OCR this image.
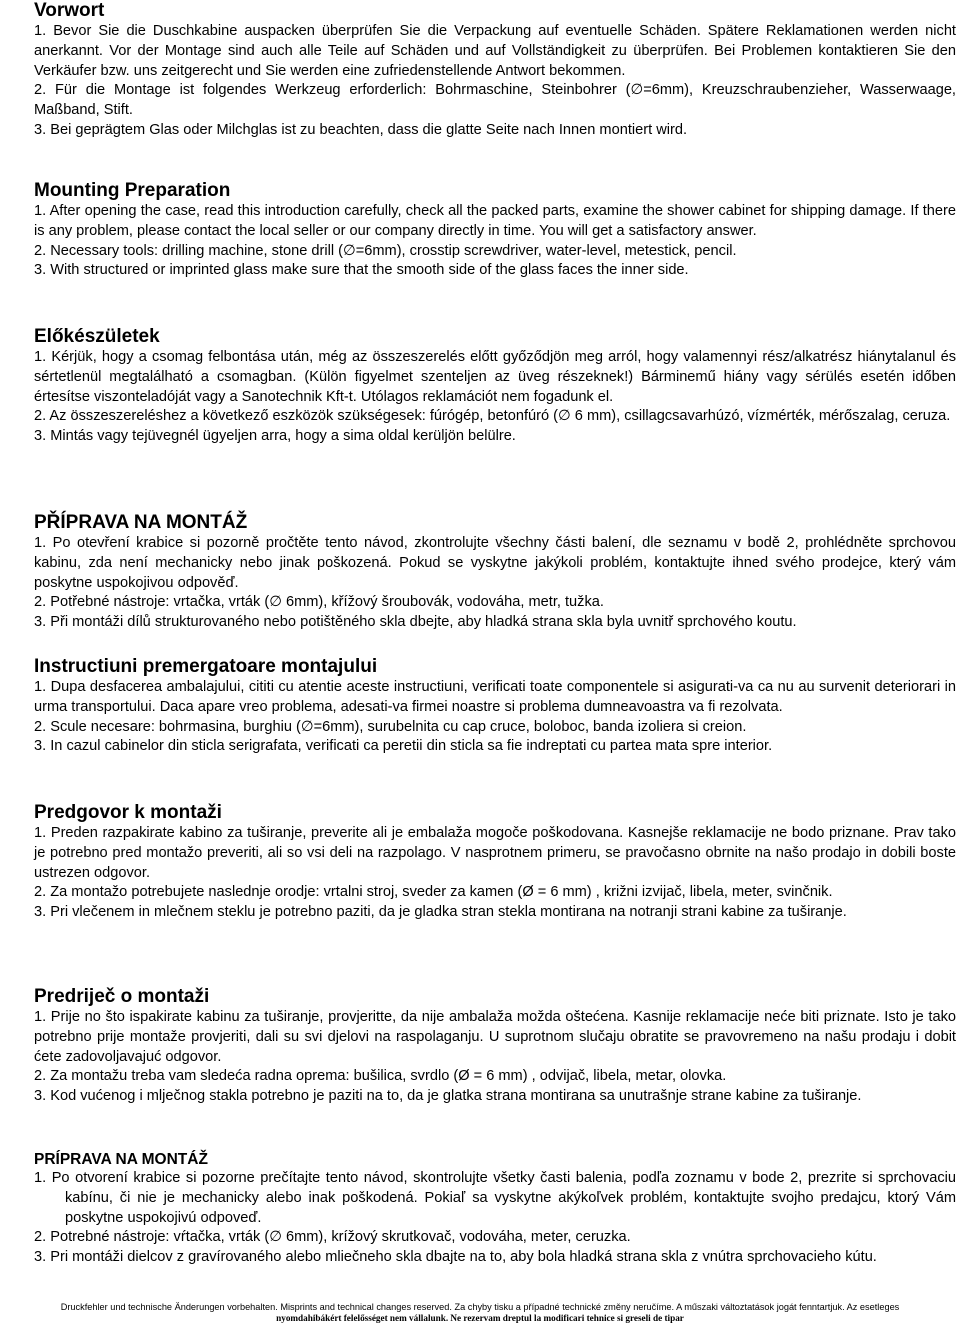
Vorwort

1. Bevor Sie die Duschkabine auspacken überprüfen Sie die Verpackung auf eventuelle Schäden. Spätere Reklamationen werden nicht anerkannt. Vor der Montage sind auch alle Teile auf Schäden und auf Vollständigkeit zu überprüfen. Bei Problemen kontaktieren Sie den Verkäufer bzw. uns zeitgerecht und Sie werden eine zufriedenstellende Antwort bekommen.

2. Für die Montage ist folgendes Werkzeug erforderlich: Bohrmaschine, Steinbohrer (∅=6mm), Kreuzschraubenzieher, Wasserwaage, Maßband, Stift.

3. Bei geprägtem Glas oder Milchglas ist zu beachten, dass die glatte Seite nach Innen montiert wird.

Mounting Preparation

1. After opening the case, read this introduction carefully, check all the packed parts, examine the shower cabinet for shipping damage. If there is any problem, please contact the local seller or our company directly in time. You will get a satisfactory answer.

2. Necessary tools: drilling machine, stone drill (∅=6mm), crosstip screwdriver, water-level, metestick, pencil.

3. With structured or imprinted glass make sure that the smooth side of the glass faces the inner side.

Előkészületek

1. Kérjük, hogy a csomag felbontása után, még az összeszerelés előtt győződjön meg arról, hogy valamennyi rész/alkatrész hiánytalanul és sértetlenül megtalálható a csomagban. (Külön figyelmet szenteljen az üveg részeknek!) Bárminemű hiány vagy sérülés esetén időben értesítse viszonteladóját vagy a Sanotechnik Kft-t. Utólagos reklamációt nem fogadunk el.

2. Az összeszereléshez a következő eszközök szükségesek: fúrógép, betonfúró (∅ 6 mm), csillagcsavarhúzó, vízmérték, mérőszalag, ceruza.

3. Mintás vagy tejüvegnél ügyeljen arra, hogy a sima oldal kerüljön belülre.

PŘÍPRAVA NA MONTÁŽ

1. Po otevření krabice si pozorně pročtěte tento návod, zkontrolujte všechny části balení, dle seznamu v bodě 2, prohlédněte sprchovou kabinu, zda není mechanicky nebo jinak poškozená. Pokud se vyskytne jakýkoli problém, kontaktujte ihned svého prodejce, který vám poskytne uspokojivou odpověď.

2. Potřebné nástroje: vrtačka, vrták (∅ 6mm), křížový šroubovák, vodováha, metr, tužka.

3. Při montáži dílů strukturovaného nebo potištěného skla dbejte, aby hladká strana skla byla uvnitř sprchového koutu.

Instructiuni premergatoare montajului

1. Dupa desfacerea ambalajului, cititi cu atentie aceste instructiuni, verificati toate componentele si asigurati-va ca nu au survenit deteriorari in urma transportului. Daca apare vreo problema, adesati-va firmei noastre si problema dumneavoastra va fi rezolvata.

2. Scule necesare: bohrmasina, burghiu (∅=6mm), surubelnita cu cap cruce, boloboc, banda izoliera si creion.

3. In cazul cabinelor din sticla serigrafata, verificati ca peretii din sticla sa fie indreptati cu partea mata spre interior.

Predgovor k montaži

1. Preden razpakirate kabino za tuširanje, preverite ali je embalaža mogoče poškodovana. Kasnejše reklamacije ne bodo priznane. Prav tako je potrebno pred montažo preveriti, ali so vsi deli na razpolago. V nasprotnem primeru, se pravočasno obrnite na našo prodajo in dobili boste ustrezen odgovor.

2. Za montažo potrebujete naslednje orodje: vrtalni stroj, sveder za kamen (Ø = 6 mm) , križni izvijač, libela, meter, svinčnik.

3. Pri vlečenem in mlečnem steklu je potrebno paziti, da je gladka stran stekla montirana na notranji strani kabine za tuširanje.

Predriječ o montaži

1. Prije no što ispakirate kabinu za tuširanje, provjeritte, da nije ambalaža možda oštećena. Kasnije reklamacije neće biti priznate. Isto je tako potrebno prije montaže provjeriti, dali su svi djelovi na raspolaganju. U suprotnom slučaju obratite se pravovremeno na našu prodaju i dobit ćete zadovoljavajuć odgovor.

2. Za montažu treba vam sledeća radna oprema: bušilica, svrdlo (Ø = 6 mm) , odvijač, libela, metar, olovka.

3. Kod vućenog i mlječnog stakla potrebno je paziti na to, da je glatka strana montirana sa unutrašnje strane kabine za tuširanje.

PRÍPRAVA NA MONTÁŽ

1. Po otvorení krabice si pozorne prečítajte tento návod, skontrolujte všetky časti balenia, podľa zoznamu v bode 2, prezrite si sprchovaciu kabínu, či nie je mechanicky alebo inak poškodená. Pokiaľ sa vyskytne akýkoľvek problém, kontaktujte svojho predajcu, ktorý Vám poskytne uspokojivú odpoveď.

2. Potrebné nástroje: vŕtačka, vrták (∅ 6mm), krížový skrutkovač, vodováha, meter, ceruzka.

3. Pri montáži dielcov z gravírovaného alebo mliečneho skla dbajte na to, aby bola hladká strana skla z vnútra sprchovacieho kútu.

Druckfehler und technische Änderungen vorbehalten. Misprints and technical changes reserved. Za chyby tisku a případné technické změny neručíme. A műszaki változtatások jogát fenntartjuk. Az esetleges
nyomdahibákért felelősséget nem vállalunk. Ne rezervam dreptul la modificari tehnice si greseli de tipar
